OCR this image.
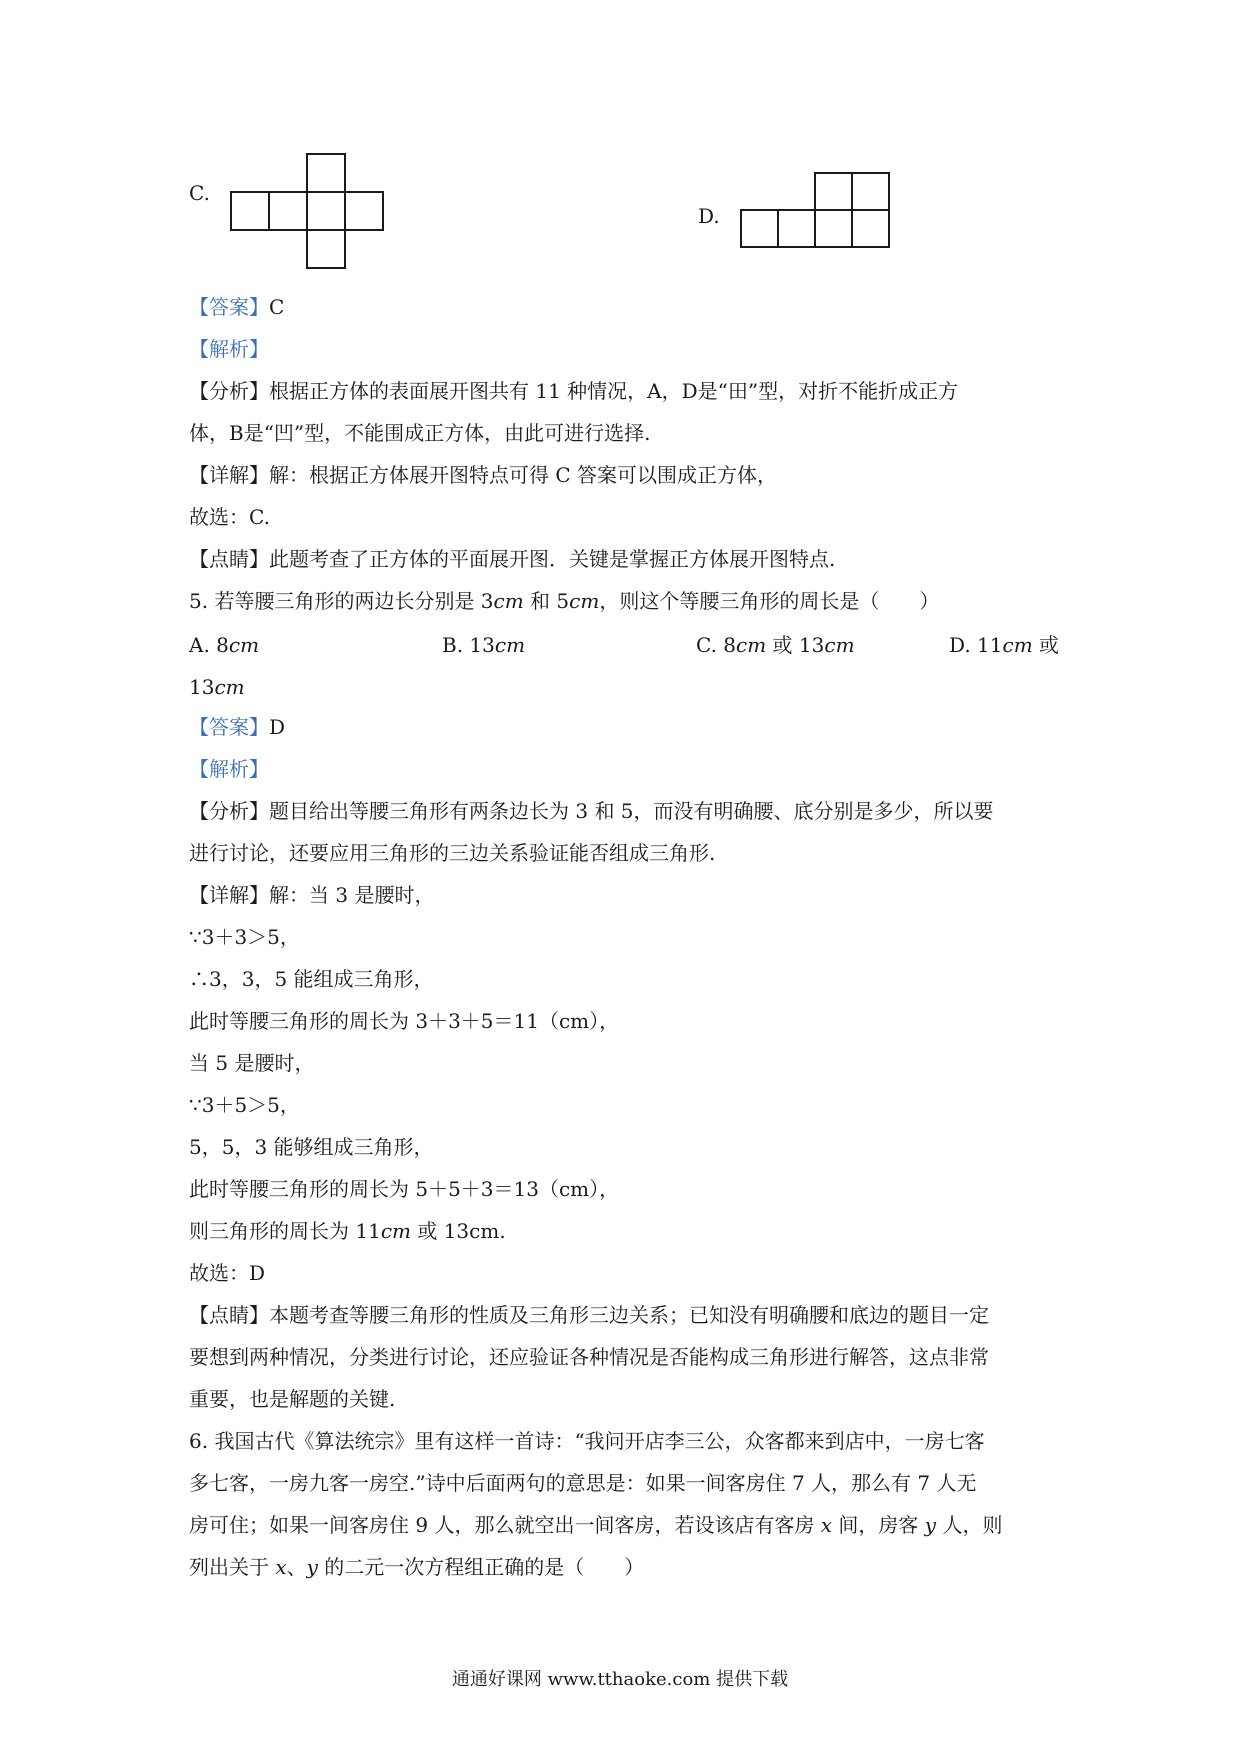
C.
D.
【答案】C
【解析】
【分析】根据正方体的表面展开图共有 11 种情况，A，D是“田”型，对折不能折成正方
体，B是“凹”型，不能围成正方体，由此可进行选择.
【详解】解：根据正方体展开图特点可得 C 答案可以围成正方体，
故选：C.
【点睛】此题考查了正方体的平面展开图．关键是掌握正方体展开图特点.
5. 若等腰三角形的两边长分别是 3cm 和 5cm，则这个等腰三角形的周长是（　　）
A. 8cm	B. 13cm	C. 8cm 或 13cm	D. 11cm 或
13cm
【答案】D
【解析】
【分析】题目给出等腰三角形有两条边长为 3 和 5，而没有明确腰、底分别是多少，所以要
进行讨论，还要应用三角形的三边关系验证能否组成三角形.
【详解】解：当 3 是腰时，
∵3＋3＞5，
∴3，3，5 能组成三角形，
此时等腰三角形的周长为 3＋3＋5＝11（cm），
当 5 是腰时，
∵3＋5＞5，
5，5，3 能够组成三角形，
此时等腰三角形的周长为 5＋5＋3＝13（cm），
则三角形的周长为 11cm 或 13cm.
故选：D
【点睛】本题考查等腰三角形的性质及三角形三边关系；已知没有明确腰和底边的题目一定
要想到两种情况，分类进行讨论，还应验证各种情况是否能构成三角形进行解答，这点非常
重要，也是解题的关键.
6. 我国古代《算法统宗》里有这样一首诗：“我问开店李三公，众客都来到店中，一房七客
多七客，一房九客一房空.”诗中后面两句的意思是：如果一间客房住 7 人，那么有 7 人无
房可住；如果一间客房住 9 人，那么就空出一间客房，若设该店有客房 x 间，房客 y 人，则
列出关于 x、y 的二元一次方程组正确的是（　　）
通通好课网 www.tthaoke.com 提供下载
